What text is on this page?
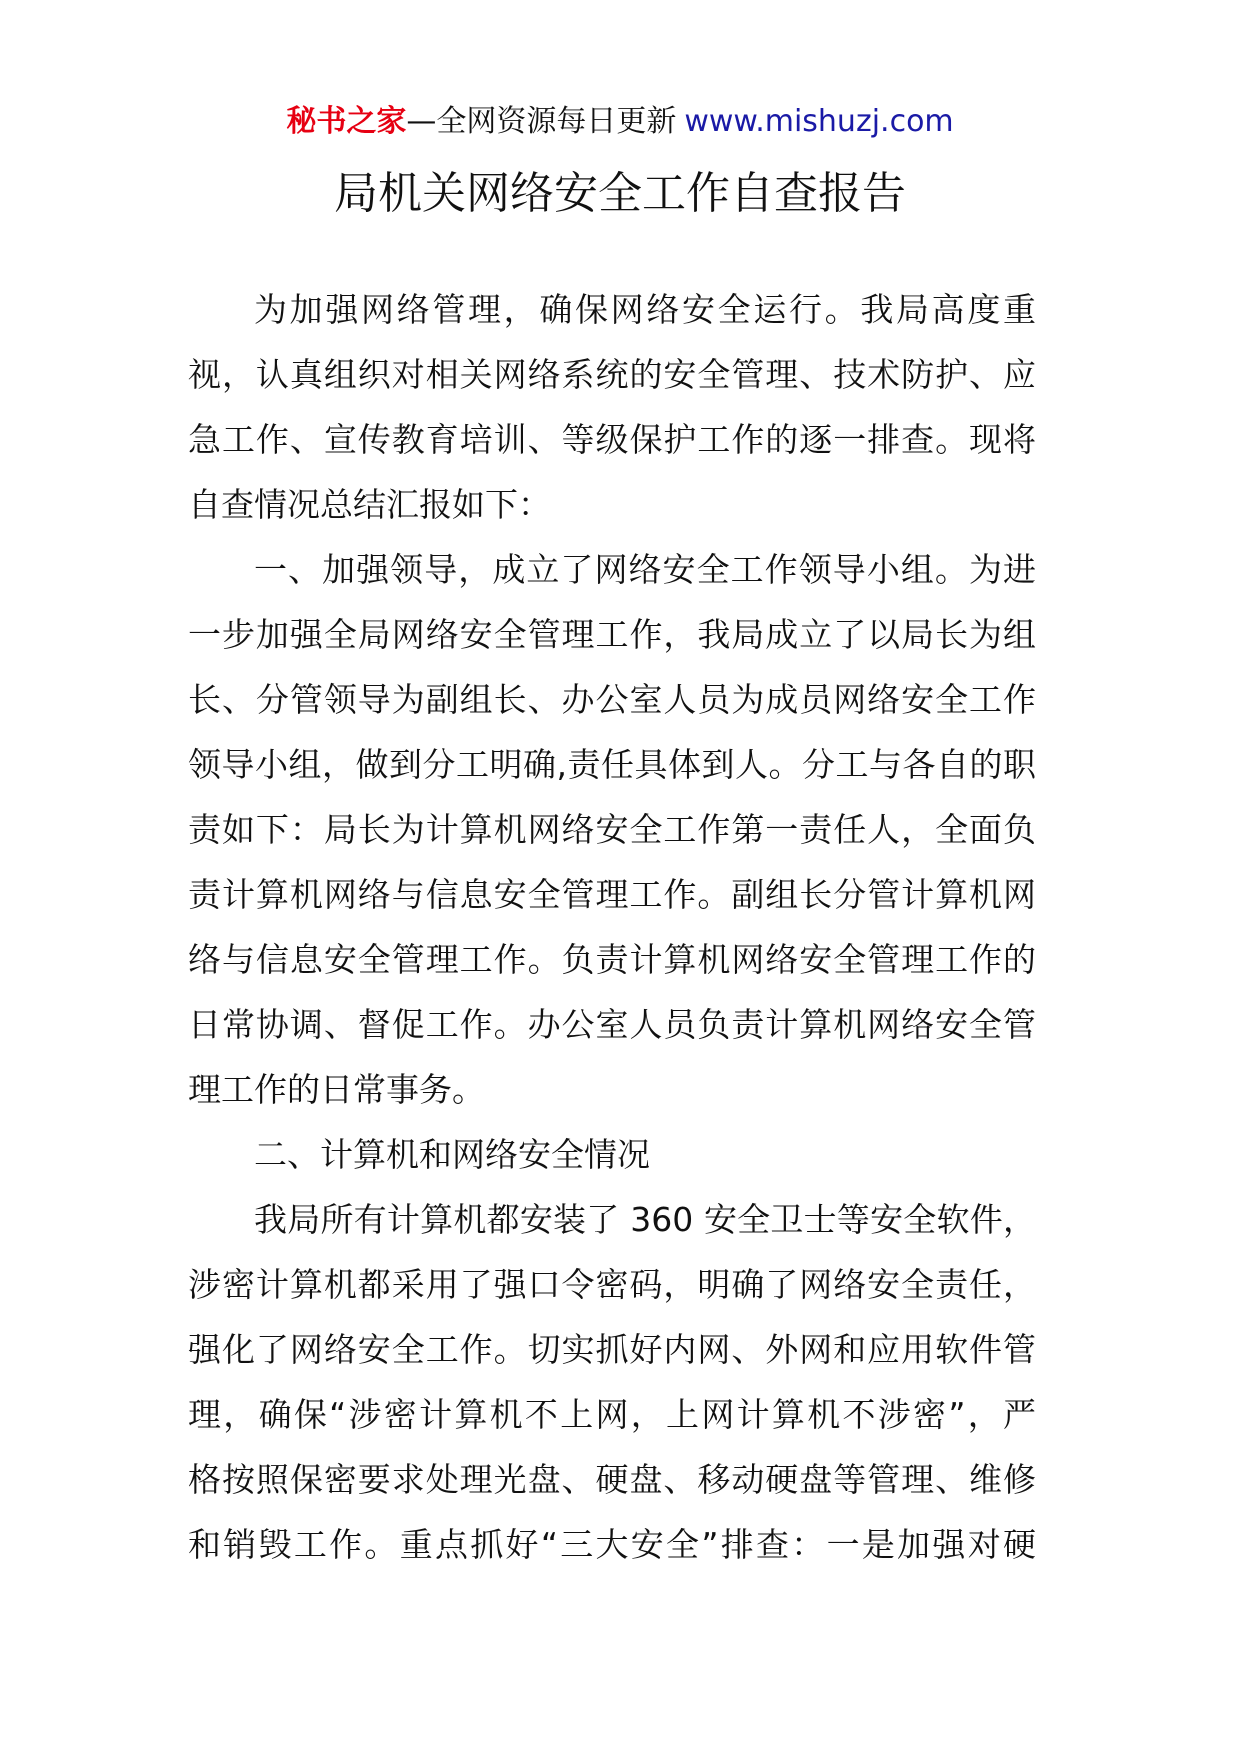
秘书之家—全网资源每日更新 www.mishuzj.com
局机关网络安全工作自查报告
为加强网络管理，确保网络安全运行。我局高度重
视，认真组织对相关网络系统的安全管理、技术防护、应
急工作、宣传教育培训、等级保护工作的逐一排查。现将
自查情况总结汇报如下：
一、加强领导，成立了网络安全工作领导小组。为进
一步加强全局网络安全管理工作，我局成立了以局长为组
长、分管领导为副组长、办公室人员为成员网络安全工作
领导小组，做到分工明确,责任具体到人。分工与各自的职
责如下：局长为计算机网络安全工作第一责任人，全面负
责计算机网络与信息安全管理工作。副组长分管计算机网
络与信息安全管理工作。负责计算机网络安全管理工作的
日常协调、督促工作。办公室人员负责计算机网络安全管
理工作的日常事务。
二、计算机和网络安全情况
我局所有计算机都安装了 360 安全卫士等安全软件，
涉密计算机都采用了强口令密码，明确了网络安全责任，
强化了网络安全工作。切实抓好内网、外网和应用软件管
理，确保“涉密计算机不上网，上网计算机不涉密”，严
格按照保密要求处理光盘、硬盘、移动硬盘等管理、维修
和销毁工作。重点抓好“三大安全”排查：一是加强对硬
